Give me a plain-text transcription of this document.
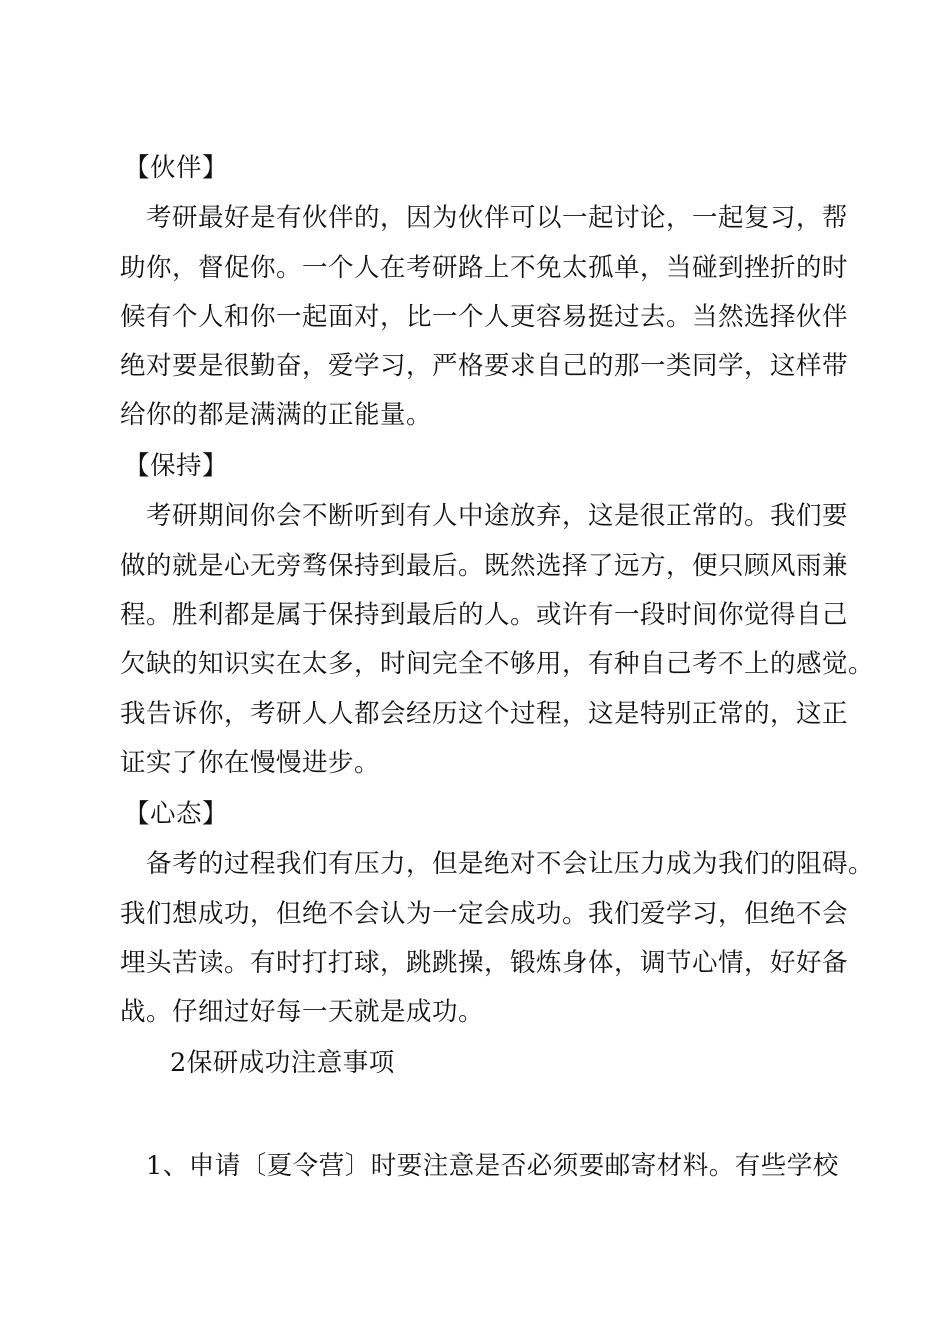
【伙伴】
考研最好是有伙伴的，因为伙伴可以一起讨论，一起复习，帮
助你，督促你。一个人在考研路上不免太孤单，当碰到挫折的时
候有个人和你一起面对，比一个人更容易挺过去。当然选择伙伴
绝对要是很勤奋，爱学习，严格要求自己的那一类同学，这样带
给你的都是满满的正能量。
【保持】
考研期间你会不断听到有人中途放弃，这是很正常的。我们要
做的就是心无旁骛保持到最后。既然选择了远方，便只顾风雨兼
程。胜利都是属于保持到最后的人。或许有一段时间你觉得自己
欠缺的知识实在太多，时间完全不够用，有种自己考不上的感觉。
我告诉你，考研人人都会经历这个过程，这是特别正常的，这正
证实了你在慢慢进步。
【心态】
备考的过程我们有压力，但是绝对不会让压力成为我们的阻碍。
我们想成功，但绝不会认为一定会成功。我们爱学习，但绝不会
埋头苦读。有时打打球，跳跳操，锻炼身体，调节心情，好好备
战。仔细过好每一天就是成功。
2保研成功注意事项
1、申请〔夏令营〕时要注意是否必须要邮寄材料。有些学校
